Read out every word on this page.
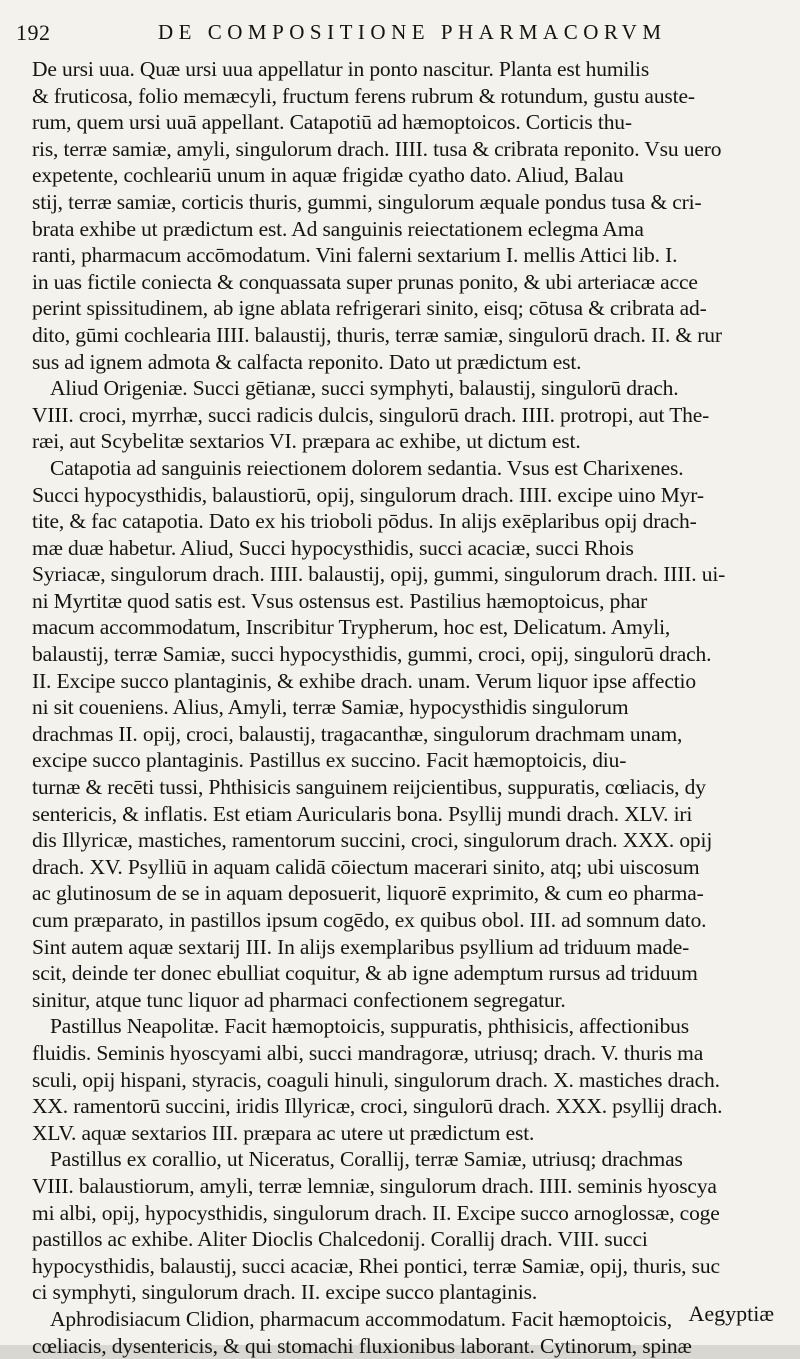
192	DE COMPOSITIONE PHARMACORVM
De ursi uua. Quæ ursi uua appellatur in ponto nascitur. Planta est humilis
& fruticosa, folio memæcyli, fructum ferens rubrum & rotundum, gustu auste-
rum, quem ursi uuā appellant. Catapotiū ad hæmoptoicos. Corticis thu-
ris, terræ samiæ, amyli, singulorum drach. IIII. tusa & cribrata reponito. Vsu uero
expetente, cochleariū unum in aquæ frigidæ cyatho dato. Aliud, Balau
stij, terræ samiæ, corticis thuris, gummi, singulorum æquale pondus tusa & cri-
brata exhibe ut prædictum est. Ad sanguinis reiectationem eclegma Ama
ranti, pharmacum accōmodatum. Vini falerni sextarium I. mellis Attici lib. I.
in uas fictile coniecta & conquassata super prunas ponito, & ubi arteriacæ acce
perint spissitudinem, ab igne ablata refrigerari sinito, eisq; cōtusa & cribrata ad-
dito, gūmi cochlearia IIII. balaustij, thuris, terræ samiæ, singulorū drach. II. & rur
sus ad ignem admota & calfacta reponito. Dato ut prædictum est.
Aliud Origeniæ. Succi gētianæ, succi symphyti, balaustij, singulorū drach.
VIII. croci, myrrhæ, succi radicis dulcis, singulorū drach. IIII. protropi, aut The-
ræi, aut Scybelitæ sextarios VI. præpara ac exhibe, ut dictum est.
Catapotia ad sanguinis reiectionem dolorem sedantia. Vsus est Charixenes.
Succi hypocysthidis, balaustiorū, opij, singulorum drach. IIII. excipe uino Myr-
tite, & fac catapotia. Dato ex his trioboli pōdus. In alijs exēplaribus opij drach-
mæ duæ habetur. Aliud, Succi hypocysthidis, succi acaciæ, succi Rhois
Syriacæ, singulorum drach. IIII. balaustij, opij, gummi, singulorum drach. IIII. ui-
ni Myrtitæ quod satis est. Vsus ostensus est. Pastilius hæmoptoicus, phar
macum accommodatum, Inscribitur Trypherum, hoc est, Delicatum. Amyli,
balaustij, terræ Samiæ, succi hypocysthidis, gummi, croci, opij, singulorū drach.
II. Excipe succo plantaginis, & exhibe drach. unam. Verum liquor ipse affectio
ni sit coueniens. Alius, Amyli, terræ Samiæ, hypocysthidis singulorum
drachmas II. opij, croci, balaustij, tragacanthæ, singulorum drachmam unam,
excipe succo plantaginis. Pastillus ex succino. Facit hæmoptoicis, diu-
turnæ & recēti tussi, Phthisicis sanguinem reijcientibus, suppuratis, cœliacis, dy
sentericis, & inflatis. Est etiam Auricularis bona. Psyllij mundi drach. XLV. iri
dis Illyricæ, mastiches, ramentorum succini, croci, singulorum drach. XXX. opij
drach. XV. Psylliū in aquam calidā cōiectum macerari sinito, atq; ubi uiscosum
ac glutinosum de se in aquam deposuerit, liquorē exprimito, & cum eo pharma-
cum præparato, in pastillos ipsum cogēdo, ex quibus obol. III. ad somnum dato.
Sint autem aquæ sextarij III. In alijs exemplaribus psyllium ad triduum made-
scit, deinde ter donec ebulliat coquitur, & ab igne ademptum rursus ad triduum
sinitur, atque tunc liquor ad pharmaci confectionem segregatur.
Pastillus Neapolitæ. Facit hæmoptoicis, suppuratis, phthisicis, affectionibus
fluidis. Seminis hyoscyami albi, succi mandragoræ, utriusq; drach. V. thuris ma
sculi, opij hispani, styracis, coaguli hinuli, singulorum drach. X. mastiches drach.
XX. ramentorū succini, iridis Illyricæ, croci, singulorū drach. XXX. psyllij drach.
XLV. aquæ sextarios III. præpara ac utere ut prædictum est.
Pastillus ex corallio, ut Niceratus, Corallij, terræ Samiæ, utriusq; drachmas
VIII. balaustiorum, amyli, terræ lemniæ, singulorum drach. IIII. seminis hyoscya
mi albi, opij, hypocysthidis, singulorum drach. II. Excipe succo arnoglossæ, coge
pastillos ac exhibe. Aliter Dioclis Chalcedonij. Corallij drach. VIII. succi
hypocysthidis, balaustij, succi acaciæ, Rhei pontici, terræ Samiæ, opij, thuris, suc
ci symphyti, singulorum drach. II. excipe succo plantaginis.
Aphrodisiacum Clidion, pharmacum accommodatum. Facit hæmoptoicis,
cœliacis, dysentericis, & qui stomachi fluxionibus laborant. Cytinorum, spinæ
Aegyptiæ
